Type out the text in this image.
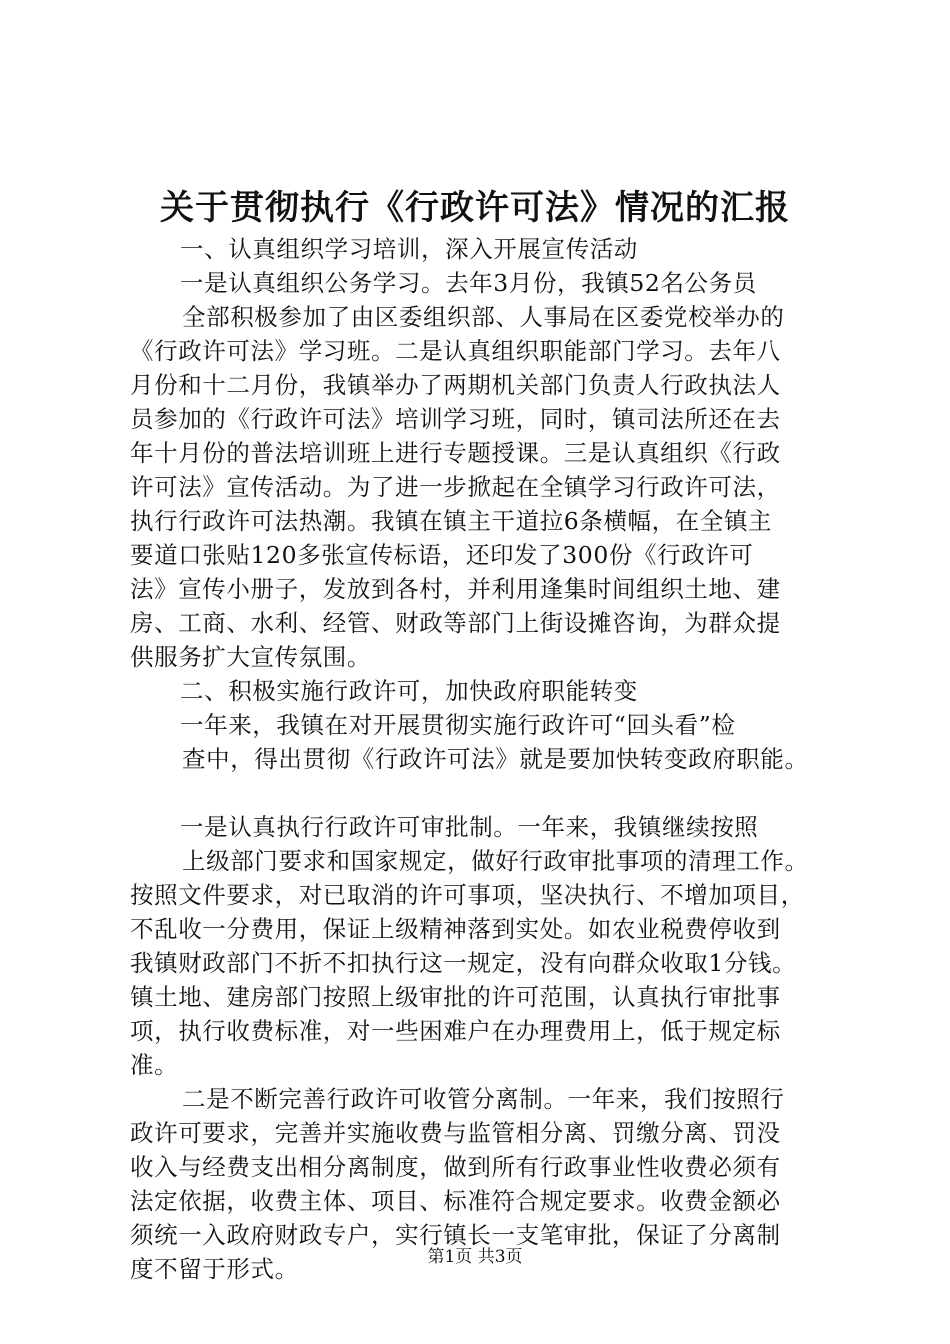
关于贯彻执行《行政许可法》情况的汇报
一、认真组织学习培训，深入开展宣传活动
一是认真组织公务学习。去年3月份，我镇52名公务员
全部积极参加了由区委组织部、人事局在区委党校举办的
《行政许可法》学习班。二是认真组织职能部门学习。去年八
月份和十二月份，我镇举办了两期机关部门负责人行政执法人
员参加的《行政许可法》培训学习班，同时，镇司法所还在去
年十月份的普法培训班上进行专题授课。三是认真组织《行政
许可法》宣传活动。为了进一步掀起在全镇学习行政许可法，
执行行政许可法热潮。我镇在镇主干道拉6条横幅，在全镇主
要道口张贴120多张宣传标语，还印发了300份《行政许可
法》宣传小册子，发放到各村，并利用逢集时间组织土地、建
房、工商、水利、经管、财政等部门上街设摊咨询，为群众提
供服务扩大宣传氛围。
二、积极实施行政许可，加快政府职能转变
一年来，我镇在对开展贯彻实施行政许可“回头看”检
查中，得出贯彻《行政许可法》就是要加快转变政府职能。
一是认真执行行政许可审批制。一年来，我镇继续按照
上级部门要求和国家规定，做好行政审批事项的清理工作。
按照文件要求，对已取消的许可事项，坚决执行、不增加项目，
不乱收一分费用，保证上级精神落到实处。如农业税费停收到
我镇财政部门不折不扣执行这一规定，没有向群众收取1分钱。
镇土地、建房部门按照上级审批的许可范围，认真执行审批事
项，执行收费标准，对一些困难户在办理费用上，低于规定标
准。
二是不断完善行政许可收管分离制。一年来，我们按照行
政许可要求，完善并实施收费与监管相分离、罚缴分离、罚没
收入与经费支出相分离制度，做到所有行政事业性收费必须有
法定依据，收费主体、项目、标准符合规定要求。收费金额必
须统一入政府财政专户，实行镇长一支笔审批，保证了分离制
度不留于形式。	第1页 共3页
